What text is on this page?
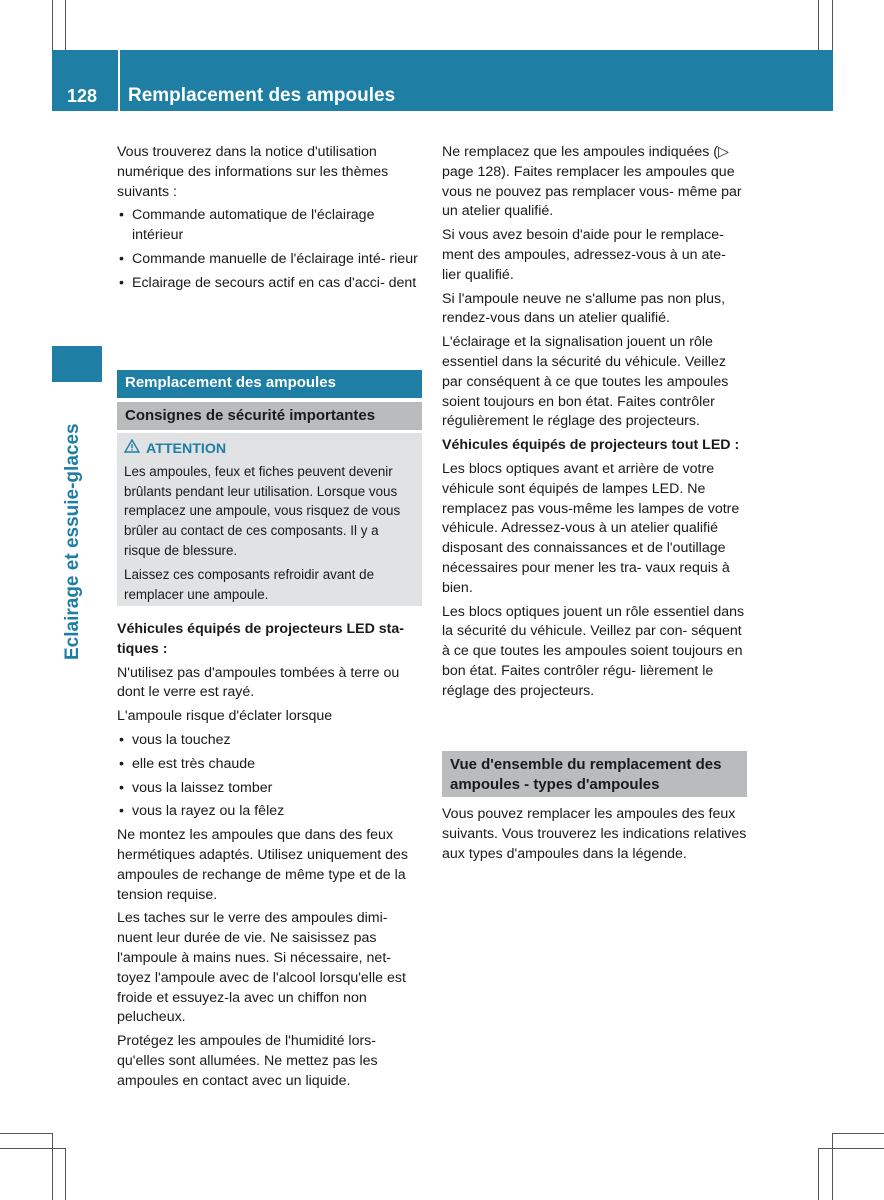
128	Remplacement des ampoules
Eclairage et essuie-glaces

Vous trouverez dans la notice d'utilisation numérique des informations sur les thèmes suivants :

• Commande automatique de l'éclairage intérieur
• Commande manuelle de l'éclairage inté- rieur
• Eclairage de secours actif en cas d'acci- dent
Remplacement des ampoules
Consignes de sécurité importantes
ATTENTION

Les ampoules, feux et fiches peuvent devenir brûlants pendant leur utilisation. Lorsque vous remplacez une ampoule, vous risquez de vous brûler au contact de ces composants. Il y a risque de blessure.

Laissez ces composants refroidir avant de remplacer une ampoule.

Véhicules équipés de projecteurs LED sta- tiques :

N'utilisez pas d'ampoules tombées à terre ou dont le verre est rayé.

L'ampoule risque d'éclater lorsque

• vous la touchez
• elle est très chaude
• vous la laissez tomber
• vous la rayez ou la fêlez

Ne montez les ampoules que dans des feux hermétiques adaptés. Utilisez uniquement des ampoules de rechange de même type et de la tension requise.

Les taches sur le verre des ampoules dimi- nuent leur durée de vie. Ne saisissez pas l'ampoule à mains nues. Si nécessaire, net- toyez l'ampoule avec de l'alcool lorsqu'elle est froide et essuyez-la avec un chiffon non pelucheux.

Protégez les ampoules de l'humidité lors- qu'elles sont allumées. Ne mettez pas les ampoules en contact avec un liquide.

Ne remplacez que les ampoules indiquées (▷ page 128). Faites remplacer les ampoules que vous ne pouvez pas remplacer vous- même par un atelier qualifié.

Si vous avez besoin d'aide pour le remplace- ment des ampoules, adressez-vous à un ate- lier qualifié.

Si l'ampoule neuve ne s'allume pas non plus, rendez-vous dans un atelier qualifié.

L'éclairage et la signalisation jouent un rôle essentiel dans la sécurité du véhicule. Veillez par conséquent à ce que toutes les ampoules soient toujours en bon état. Faites contrôler régulièrement le réglage des projecteurs.

Véhicules équipés de projecteurs tout LED :

Les blocs optiques avant et arrière de votre véhicule sont équipés de lampes LED. Ne remplacez pas vous-même les lampes de votre véhicule. Adressez-vous à un atelier qualifié disposant des connaissances et de l'outillage nécessaires pour mener les tra- vaux requis à bien.

Les blocs optiques jouent un rôle essentiel dans la sécurité du véhicule. Veillez par con- séquent à ce que toutes les ampoules soient toujours en bon état. Faites contrôler régu- lièrement le réglage des projecteurs.

Vue d'ensemble du remplacement des ampoules - types d'ampoules

Vous pouvez remplacer les ampoules des feux suivants. Vous trouverez les indications relatives aux types d'ampoules dans la légende.
